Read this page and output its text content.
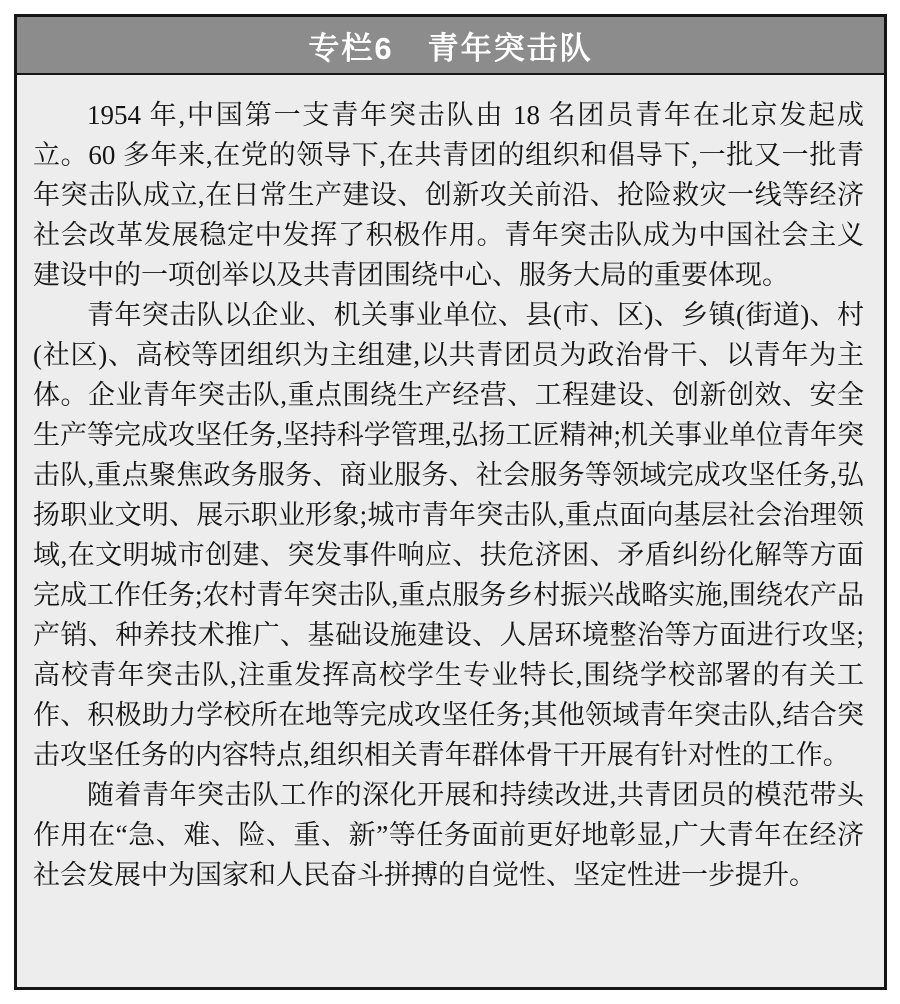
专栏6 青年突击队

1954 年,中国第一支青年突击队由 18 名团员青年在北京发起成立。60 多年来,在党的领导下,在共青团的组织和倡导下,一批又一批青年突击队成立,在日常生产建设、创新攻关前沿、抢险救灾一线等经济社会改革发展稳定中发挥了积极作用。青年突击队成为中国社会主义建设中的一项创举以及共青团围绕中心、服务大局的重要体现。

青年突击队以企业、机关事业单位、县(市、区)、乡镇(街道)、村(社区)、高校等团组织为主组建,以共青团员为政治骨干、以青年为主体。企业青年突击队,重点围绕生产经营、工程建设、创新创效、安全生产等完成攻坚任务,坚持科学管理,弘扬工匠精神;机关事业单位青年突击队,重点聚焦政务服务、商业服务、社会服务等领域完成攻坚任务,弘扬职业文明、展示职业形象;城市青年突击队,重点面向基层社会治理领域,在文明城市创建、突发事件响应、扶危济困、矛盾纠纷化解等方面完成工作任务;农村青年突击队,重点服务乡村振兴战略实施,围绕农产品产销、种养技术推广、基础设施建设、人居环境整治等方面进行攻坚;高校青年突击队,注重发挥高校学生专业特长,围绕学校部署的有关工作、积极助力学校所在地等完成攻坚任务;其他领域青年突击队,结合突击攻坚任务的内容特点,组织相关青年群体骨干开展有针对性的工作。

随着青年突击队工作的深化开展和持续改进,共青团员的模范带头作用在“急、难、险、重、新”等任务面前更好地彰显,广大青年在经济社会发展中为国家和人民奋斗拼搏的自觉性、坚定性进一步提升。
